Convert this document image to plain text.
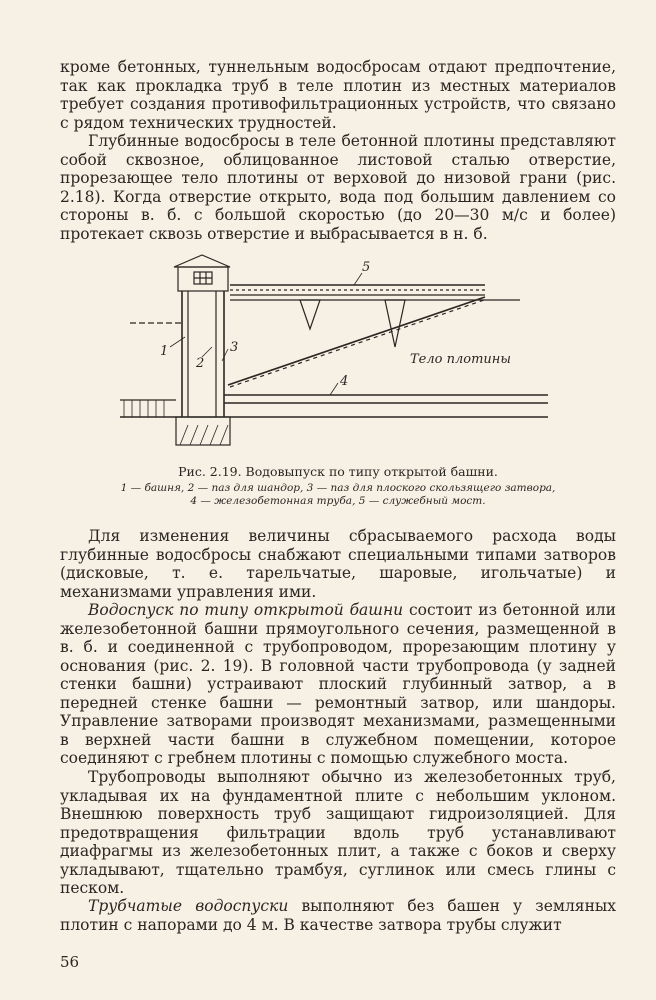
кроме бетонных, туннельным водосбросам отдают предпочтение, так как прокладка труб в теле плотин из местных материалов требует создания противофильтрационных устройств, что связано с рядом технических трудностей.

Глубинные водосбросы в теле бетонной плотины представляют собой сквозное, облицованное листовой сталью отверстие, прорезающее тело плотины от верховой до низовой грани (рис. 2.18). Когда отверстие открыто, вода под большим давлением со стороны в. б. с большой скоростью (до 20—30 м/с и более) протекает сквозь отверстие и выбрасывается в н. б.

1
2
3
4
5
Тело плотины
Рис. 2.19. Водовыпуск по типу открытой башни.
1 — башня, 2 — паз для шандор, 3 — паз для плоского скользящего затвора, 4 — железобетонная труба, 5 — служебный мост.

Для изменения величины сбрасываемого расхода воды глубинные водосбросы снабжают специальными типами затворов (дисковые, т. е. тарельчатые, шаровые, игольчатые) и механизмами управления ими.

Водоспуск по типу открытой башни состоит из бетонной или железобетонной башни прямоугольного сечения, размещенной в в. б. и соединенной с трубопроводом, прорезающим плотину у основания (рис. 2. 19). В головной части трубопровода (у задней стенки башни) устраивают плоский глубинный затвор, а в передней стенке башни — ремонтный затвор, или шандоры. Управление затворами производят механизмами, размещенными в верхней части башни в служебном помещении, которое соединяют с гребнем плотины с помощью служебного моста.

Трубопроводы выполняют обычно из железобетонных труб, укладывая их на фундаментной плите с небольшим уклоном. Внешнюю поверхность труб защищают гидроизоляцией. Для предотвращения фильтрации вдоль труб устанавливают диафрагмы из железобетонных плит, а также с боков и сверху укладывают, тщательно трамбуя, суглинок или смесь глины с песком.

Трубчатые водоспуски выполняют без башен у земляных плотин с напорами до 4 м. В качестве затвора трубы служит

56
